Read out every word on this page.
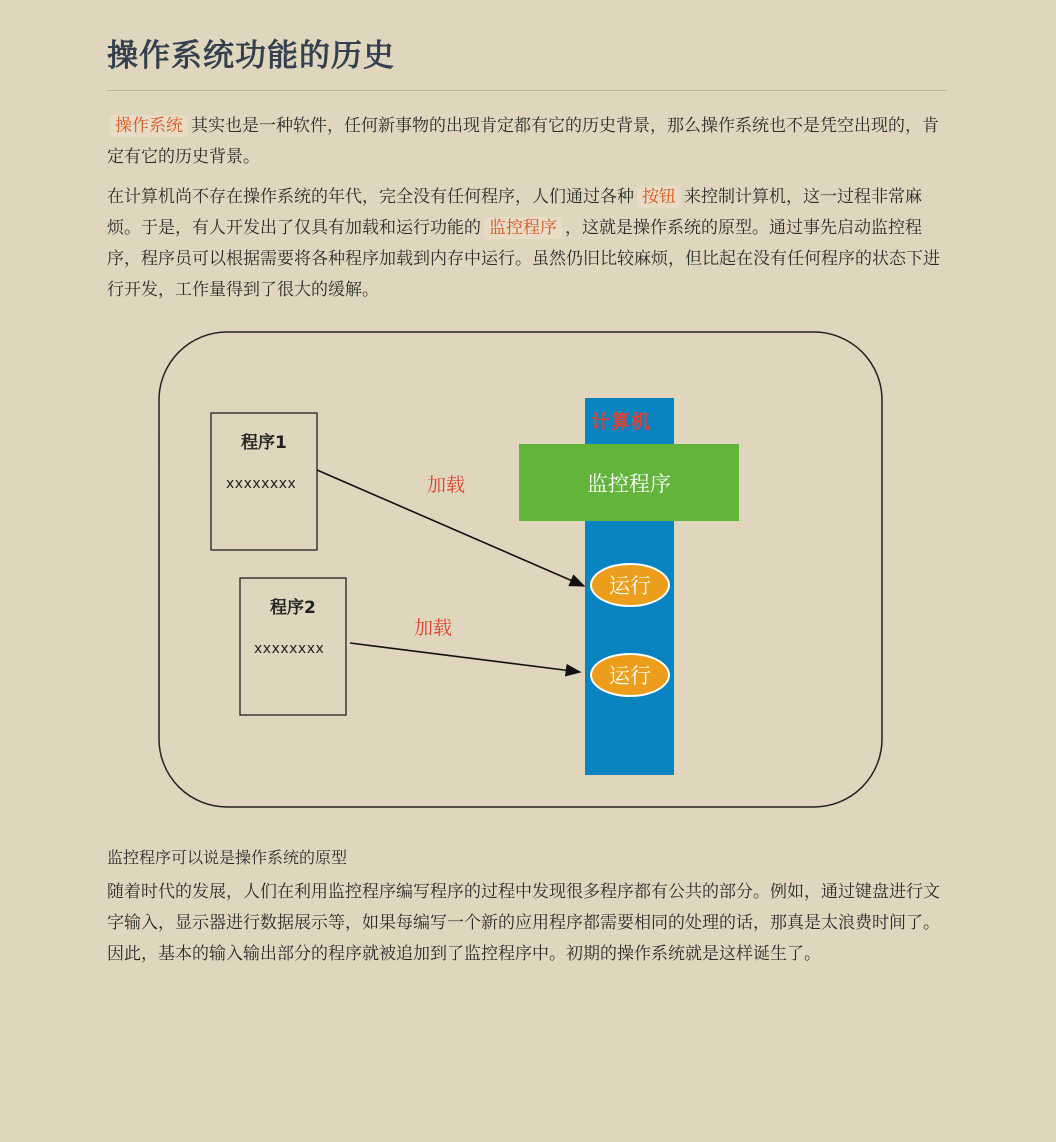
操作系统功能的历史

操作系统 其实也是一种软件，任何新事物的出现肯定都有它的历史背景，那么操作系统也不是凭空出现的，肯定有它的历史背景。

在计算机尚不存在操作系统的年代，完全没有任何程序，人们通过各种 按钮 来控制计算机，这一过程非常麻烦。于是，有人开发出了仅具有加载和运行功能的 监控程序 ，这就是操作系统的原型。通过事先启动监控程序，程序员可以根据需要将各种程序加载到内存中运行。虽然仍旧比较麻烦，但比起在没有任何程序的状态下进行开发，工作量得到了很大的缓解。

程序1
xxxxxxxx
程序2
xxxxxxxx
加载
加载
计算机
监控程序
运行
运行

监控程序可以说是操作系统的原型

随着时代的发展，人们在利用监控程序编写程序的过程中发现很多程序都有公共的部分。例如，通过键盘进行文字输入，显示器进行数据展示等，如果每编写一个新的应用程序都需要相同的处理的话，那真是太浪费时间了。因此，基本的输入输出部分的程序就被追加到了监控程序中。初期的操作系统就是这样诞生了。
